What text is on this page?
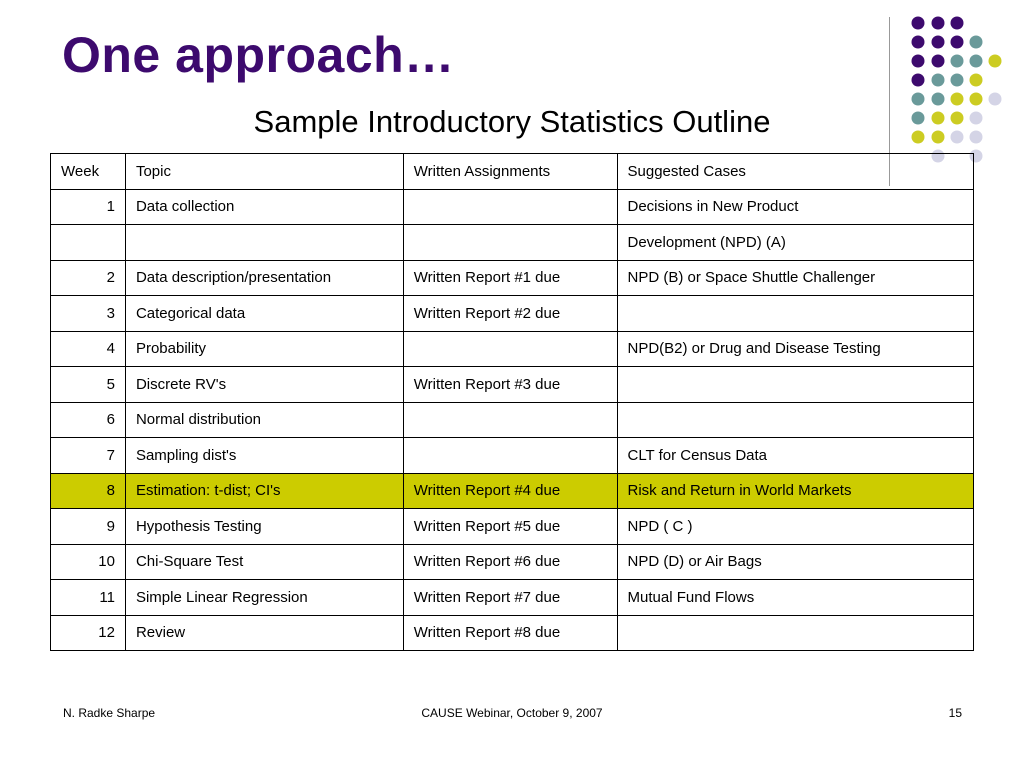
One approach…
Sample Introductory Statistics Outline
Week	Topic	Written Assignments	Suggested Cases
1	Data collection		Decisions in New Product
			Development (NPD) (A)
2	Data description/presentation	Written Report #1 due	NPD (B) or Space Shuttle Challenger
3	Categorical data	Written Report #2 due	
4	Probability		NPD(B2) or Drug and Disease Testing
5	Discrete RV's	Written Report #3 due	
6	Normal distribution		
7	Sampling dist's		CLT for Census Data
8	Estimation: t-dist; CI's	Written Report #4 due	Risk and Return in World Markets
9	Hypothesis Testing	Written Report #5 due	NPD ( C )
10	Chi-Square Test	Written Report #6 due	NPD (D) or Air Bags
11	Simple Linear Regression	Written Report #7 due	Mutual Fund Flows
12	Review	Written Report #8 due	
N. Radke Sharpe	CAUSE Webinar, October 9, 2007	15
